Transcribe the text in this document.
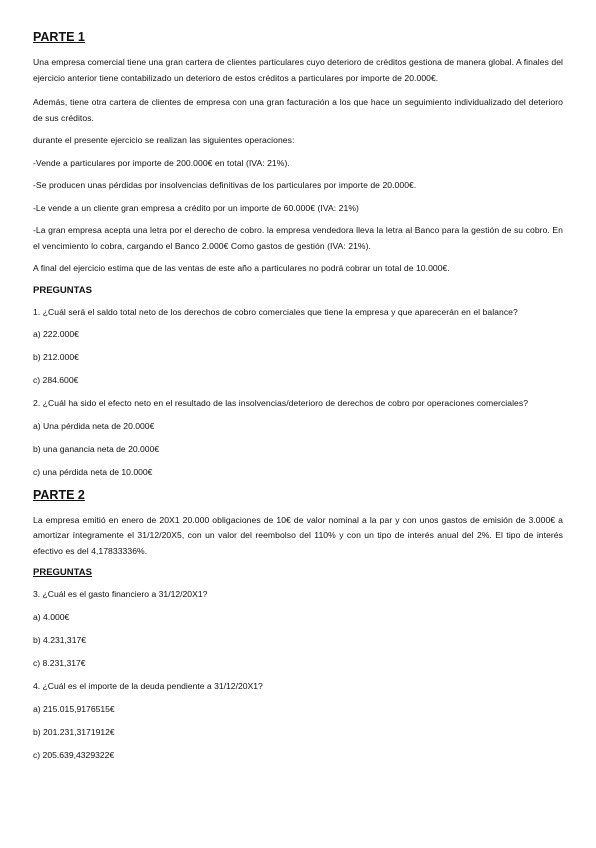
PARTE 1

Una empresa comercial tiene una gran cartera de clientes particulares cuyo deterioro de créditos gestiona de manera global. A finales del ejercicio anterior tiene contabilizado un deterioro de estos créditos a particulares por importe de 20.000€.

Además, tiene otra cartera de clientes de empresa con una gran facturación a los que hace un seguimiento individualizado del deterioro de sus créditos.

durante el presente ejercicio se realizan las siguientes operaciones:

-Vende a particulares por importe de 200.000€ en total (IVA: 21%).

-Se producen unas pérdidas por insolvencias definitivas de los particulares por importe de 20.000€.

-Le vende a un cliente gran empresa a crédito por un importe de 60.000€ (IVA: 21%)

-La gran empresa acepta una letra por el derecho de cobro. la empresa vendedora lleva la letra al Banco para la gestión de su cobro. En el vencimiento lo cobra, cargando el Banco 2.000€ Como gastos de gestión (IVA: 21%).

A final del ejercicio estima que de las ventas de este año a particulares no podrá cobrar un total de 10.000€.

PREGUNTAS

1. ¿Cuál será el saldo total neto de los derechos de cobro comerciales que tiene la empresa y que aparecerán en el balance?

a) 222.000€
b) 212.000€
c) 284.600€

2. ¿Cuál ha sido el efecto neto en el resultado de las insolvencias/deterioro de derechos de cobro por operaciones comerciales?

a) Una pérdida neta de 20.000€
b) una ganancia neta de 20.000€
c) una pérdida neta de 10.000€
PARTE 2

La empresa emitió en enero de 20X1 20.000 obligaciones de 10€ de valor nominal a la par y con unos gastos de emisión de 3.000€ a amortizar íntegramente el 31/12/20X5, con un valor del reembolso del 110% y con un tipo de interés anual del 2%. El tipo de interés efectivo es del 4,17833336%.

PREGUNTAS
3. ¿Cuál es el gasto financiero a 31/12/20X1?
a) 4.000€
b) 4.231,317€
c) 8.231,317€
4. ¿Cuál es el importe de la deuda pendiente a 31/12/20X1?
a) 215.015,9176515€
b) 201.231,3171912€
c) 205.639,4329322€
